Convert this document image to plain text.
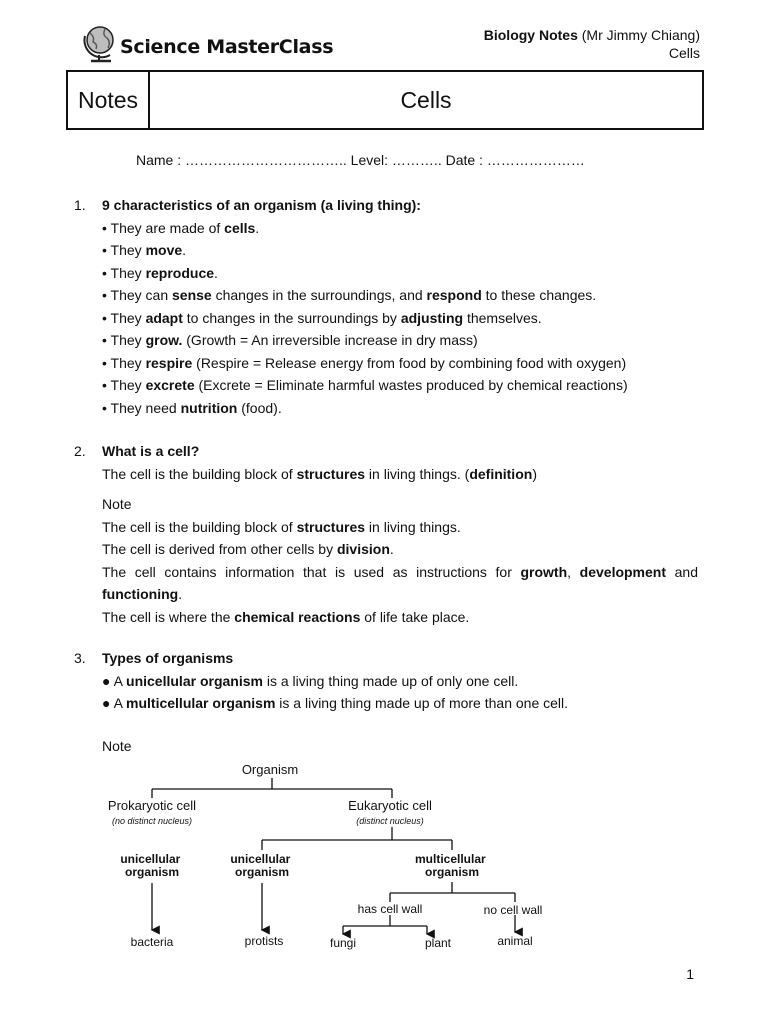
Science MasterClass
Biology Notes (Mr Jimmy Chiang)
Cells
Notes	Cells
Name : …………………………….. Level: ……….. Date : …………………
1. 9 characteristics of an organism (a living thing):
• They are made of cells.
• They move.
• They reproduce.
• They can sense changes in the surroundings, and respond to these changes.
• They adapt to changes in the surroundings by adjusting themselves.
• They grow. (Growth = An irreversible increase in dry mass)
• They respire (Respire = Release energy from food by combining food with oxygen)
• They excrete (Excrete = Eliminate harmful wastes produced by chemical reactions)
• They need nutrition (food).
2. What is a cell?
The cell is the building block of structures in living things. (definition)
Note
The cell is the building block of structures in living things.
The cell is derived from other cells by division.
The cell contains information that is used as instructions for growth, development and functioning.
The cell is where the chemical reactions of life take place.
3. Types of organisms
● A unicellular organism is a living thing made up of only one cell.
● A multicellular organism is a living thing made up of more than one cell.
Note
Organism
Prokaryotic cell
(no distinct nucleus)
Eukaryotic cell
(distinct nucleus)
unicellular organism
unicellular organism
multicellular organism
has cell wall	no cell wall
bacteria	protists	fungi	plant	animal
1
